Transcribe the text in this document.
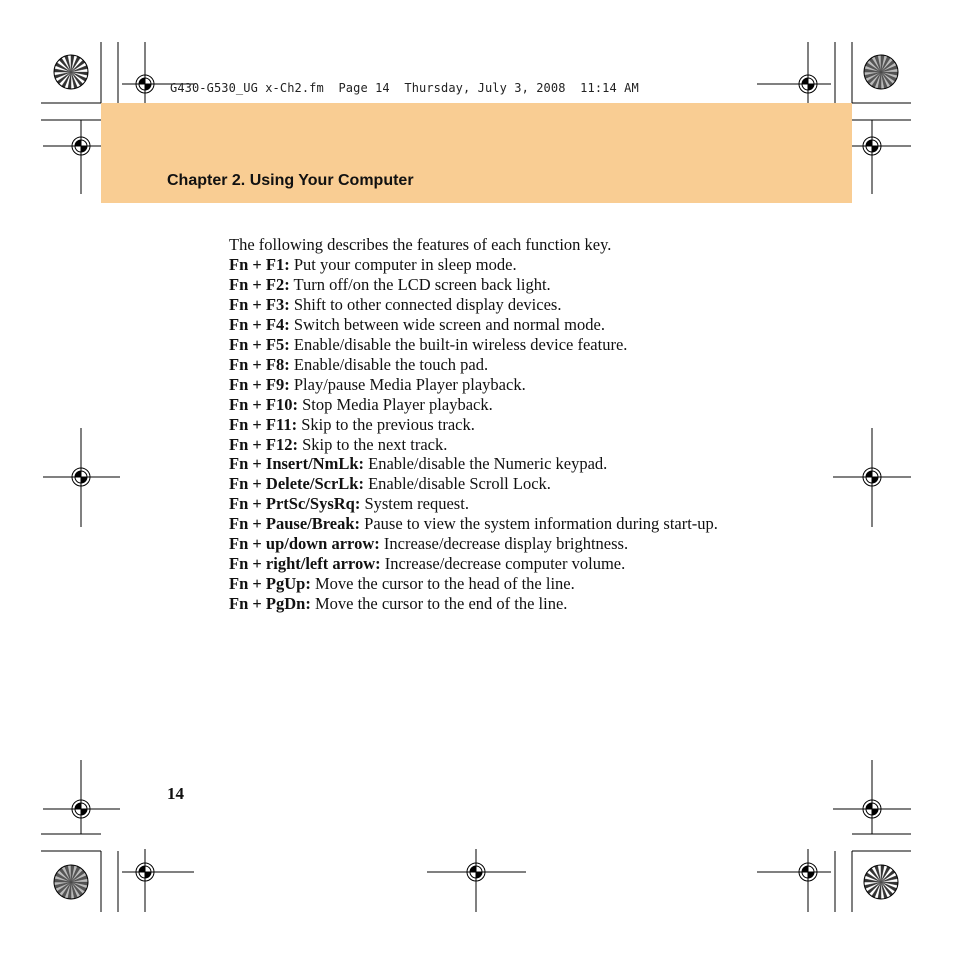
Chapter 2. Using Your Computer
G430-G530_UG x-Ch2.fm  Page 14  Thursday, July 3, 2008  11:14 AM

The following describes the features of each function key.

Fn + F1: Put your computer in sleep mode.

Fn + F2: Turn off/on the LCD screen back light.

Fn + F3: Shift to other connected display devices.

Fn + F4: Switch between wide screen and normal mode.

Fn + F5: Enable/disable the built-in wireless device feature.

Fn + F8: Enable/disable the touch pad.

Fn + F9: Play/pause Media Player playback.

Fn + F10: Stop Media Player playback.

Fn + F11: Skip to the previous track.

Fn + F12: Skip to the next track.

Fn + Insert/NmLk: Enable/disable the Numeric keypad.

Fn + Delete/ScrLk: Enable/disable Scroll Lock.

Fn + PrtSc/SysRq: System request.

Fn + Pause/Break: Pause to view the system information during start-up.

Fn + up/down arrow: Increase/decrease display brightness.

Fn + right/left arrow: Increase/decrease computer volume.

Fn + PgUp: Move the cursor to the head of the line.

Fn + PgDn: Move the cursor to the end of the line.

14
